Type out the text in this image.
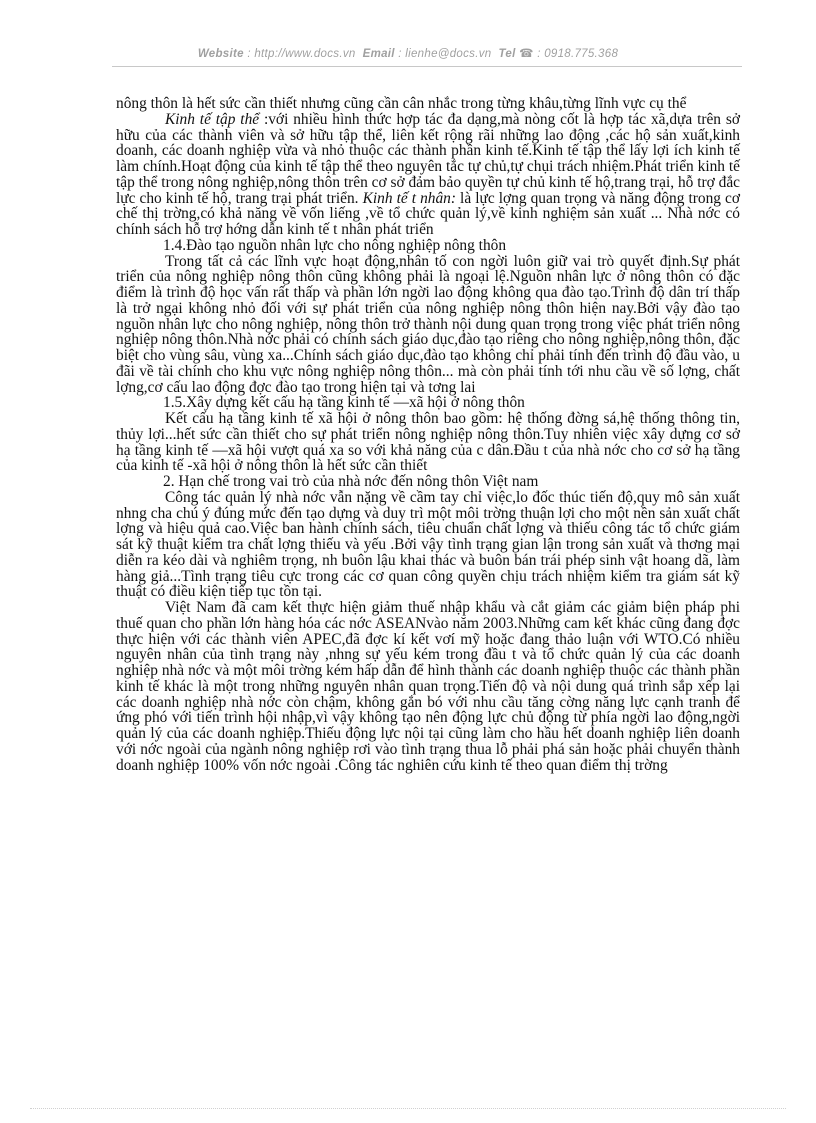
Website : http://www.docs.vn Email : lienhe@docs.vn Tel ☎ : 0918.775.368

nông thôn là hết sức cần thiết nhưng cũng cần cân nhắc trong từng khâu,từng lĩnh vực cụ thể

Kinh tế tập thể :với nhiều hình thức hợp tác đa dạng,mà nòng cốt là hợp tác xã,dựa trên sở hữu của các thành viên và sở hữu tập thể, liên kết rộng rãi những lao động ,các hộ sản xuất,kinh doanh, các doanh nghiệp vừa và nhỏ thuộc các thành phần kinh tế.Kinh tế tập thể lấy lợi ích kinh tế làm chính.Hoạt động của kinh tế tập thể theo nguyên tắc tự chủ,tự chụi trách nhiệm.Phát triển kinh tế tập thể trong nông nghiệp,nông thôn trên cơ sở đảm bảo quyền tự chủ kinh tế hộ,trang trại, hỗ trợ đắc lực cho kinh tế hộ, trang trại phát triển. Kinh tế t nhân: là lực lợng quan trọng và năng động trong cơ chế thị trờng,có khả năng về vốn liếng ,về tổ chức quản lý,về kinh nghiệm sản xuất ... Nhà nớc có chính sách hỗ trợ hớng dẫn kinh tế t nhân phát triển

1.4.Đào tạo nguồn nhân lực cho nông nghiệp nông thôn

Trong tất cả các lĩnh vực hoạt động,nhân tố con ngời luôn giữ vai trò quyết định.Sự phát triển của nông nghiệp nông thôn cũng không phải là ngoại lệ.Nguồn nhân lực ở nông thôn có đặc điểm là trình độ học vấn rất thấp và phần lớn ngời lao động không qua đào tạo.Trình độ dân trí thấp là trở ngại không nhỏ đối với sự phát triển của nông nghiệp nông thôn hiện nay.Bởi vậy đào tạo nguồn nhân lực cho nông nghiệp, nông thôn trở thành nội dung quan trọng trong việc phát triển nông nghiệp nông thôn.Nhà nớc phải có chính sách giáo dục,đào tạo riêng cho nông nghiệp,nông thôn, đặc biệt cho vùng sâu, vùng xa...Chính sách giáo dục,đào tạo không chỉ phải tính đến trình độ đầu vào, u đãi về tài chính cho khu vực nông nghiệp nông thôn... mà còn phải tính tới nhu cầu về số lợng, chất lợng,cơ cấu lao động đợc đào tạo trong hiện tại và tơng lai

1.5.Xây dựng kết cấu hạ tầng kinh tế —xã hội ở nông thôn

Kết cấu hạ tầng kinh tế xã hội ở nông thôn bao gồm: hệ thống đờng sá,hệ thống thông tin, thủy lợi...hết sức cần thiết cho sự phát triển nông nghiệp nông thôn.Tuy nhiên việc xây dựng cơ sở hạ tầng kinh tế —xã hội vượt quá xa so với khả năng của c dân.Đầu t của nhà nớc cho cơ sở hạ tầng của kinh tế -xã hội ở nông thôn là hết sức cần thiết

2. Hạn chế trong vai trò của nhà nớc đến nông thôn Việt nam

Công tác quản lý nhà nớc vẫn nặng về cầm tay chỉ việc,lo đốc thúc tiến độ,quy mô sản xuất nhng cha chú ý đúng mức đến tạo dựng và duy trì một môi trờng thuận lợi cho một nền sản xuất chất lợng và hiệu quả cao.Việc ban hành chính sách, tiêu chuẩn chất lợng và thiếu công tác tổ chức giám sát kỹ thuật kiểm tra chất lợng thiếu và yếu .Bởi vậy tình trạng gian lận trong sản xuất và thơng mại diễn ra kéo dài và nghiêm trọng, nh buôn lậu khai thác và buôn bán trái phép sinh vật hoang dã, làm hàng giả...Tình trạng tiêu cực trong các cơ quan công quyền chịu trách nhiệm kiểm tra giám sát kỹ thuật có điều kiện tiếp tục tồn tại.

Việt Nam đã cam kết thực hiện giảm thuế nhập khẩu và cắt giảm các giảm biện pháp phi thuế quan cho phần lớn hàng hóa các nớc ASEANvào năm 2003.Những cam kết khác cũng đang đợc thực hiện với các thành viên APEC,đã đợc kí kết vơí mỹ hoặc đang thảo luận với WTO.Có nhiều nguyên nhân của tình trạng này ,nhng sự yếu kém trong đầu t và tổ chức quản lý của các doanh nghiệp nhà nớc và một môi trờng kém hấp dẫn để hình thành các doanh nghiệp thuộc các thành phần kinh tế khác là một trong những nguyên nhân quan trọng.Tiến độ và nội dung quá trình sắp xếp lại các doanh nghiệp nhà nớc còn chậm, không gắn bó với nhu cầu tăng cờng năng lực cạnh tranh để ứng phó với tiến trình hội nhập,vì vậy không tạo nên động lực chủ động từ phía ngời lao động,ngời quản lý của các doanh nghiệp.Thiếu động lực nội tại cũng làm cho hầu hết doanh nghiệp liên doanh với nớc ngoài của ngành nông nghiệp rơi vào tình trạng thua lỗ phải phá sản hoặc phải chuyển thành doanh nghiệp 100% vốn nớc ngoài .Công tác nghiên cứu kinh tế theo quan điểm thị trờng
